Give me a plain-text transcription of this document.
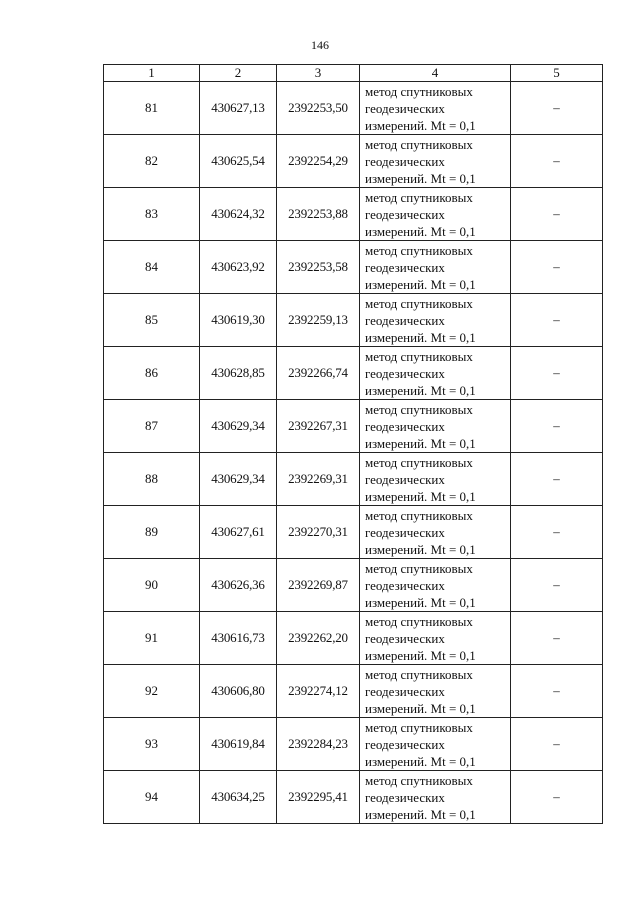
146
1	2	3	4	5
81	430627,13	2392253,50	метод спутниковых
геодезических
измерений. Mt = 0,1	–
82	430625,54	2392254,29	метод спутниковых
геодезических
измерений. Mt = 0,1	–
83	430624,32	2392253,88	метод спутниковых
геодезических
измерений. Mt = 0,1	–
84	430623,92	2392253,58	метод спутниковых
геодезических
измерений. Mt = 0,1	–
85	430619,30	2392259,13	метод спутниковых
геодезических
измерений. Mt = 0,1	–
86	430628,85	2392266,74	метод спутниковых
геодезических
измерений. Mt = 0,1	–
87	430629,34	2392267,31	метод спутниковых
геодезических
измерений. Mt = 0,1	–
88	430629,34	2392269,31	метод спутниковых
геодезических
измерений. Mt = 0,1	–
89	430627,61	2392270,31	метод спутниковых
геодезических
измерений. Mt = 0,1	–
90	430626,36	2392269,87	метод спутниковых
геодезических
измерений. Mt = 0,1	–
91	430616,73	2392262,20	метод спутниковых
геодезических
измерений. Mt = 0,1	–
92	430606,80	2392274,12	метод спутниковых
геодезических
измерений. Mt = 0,1	–
93	430619,84	2392284,23	метод спутниковых
геодезических
измерений. Mt = 0,1	–
94	430634,25	2392295,41	метод спутниковых
геодезических
измерений. Mt = 0,1	–
